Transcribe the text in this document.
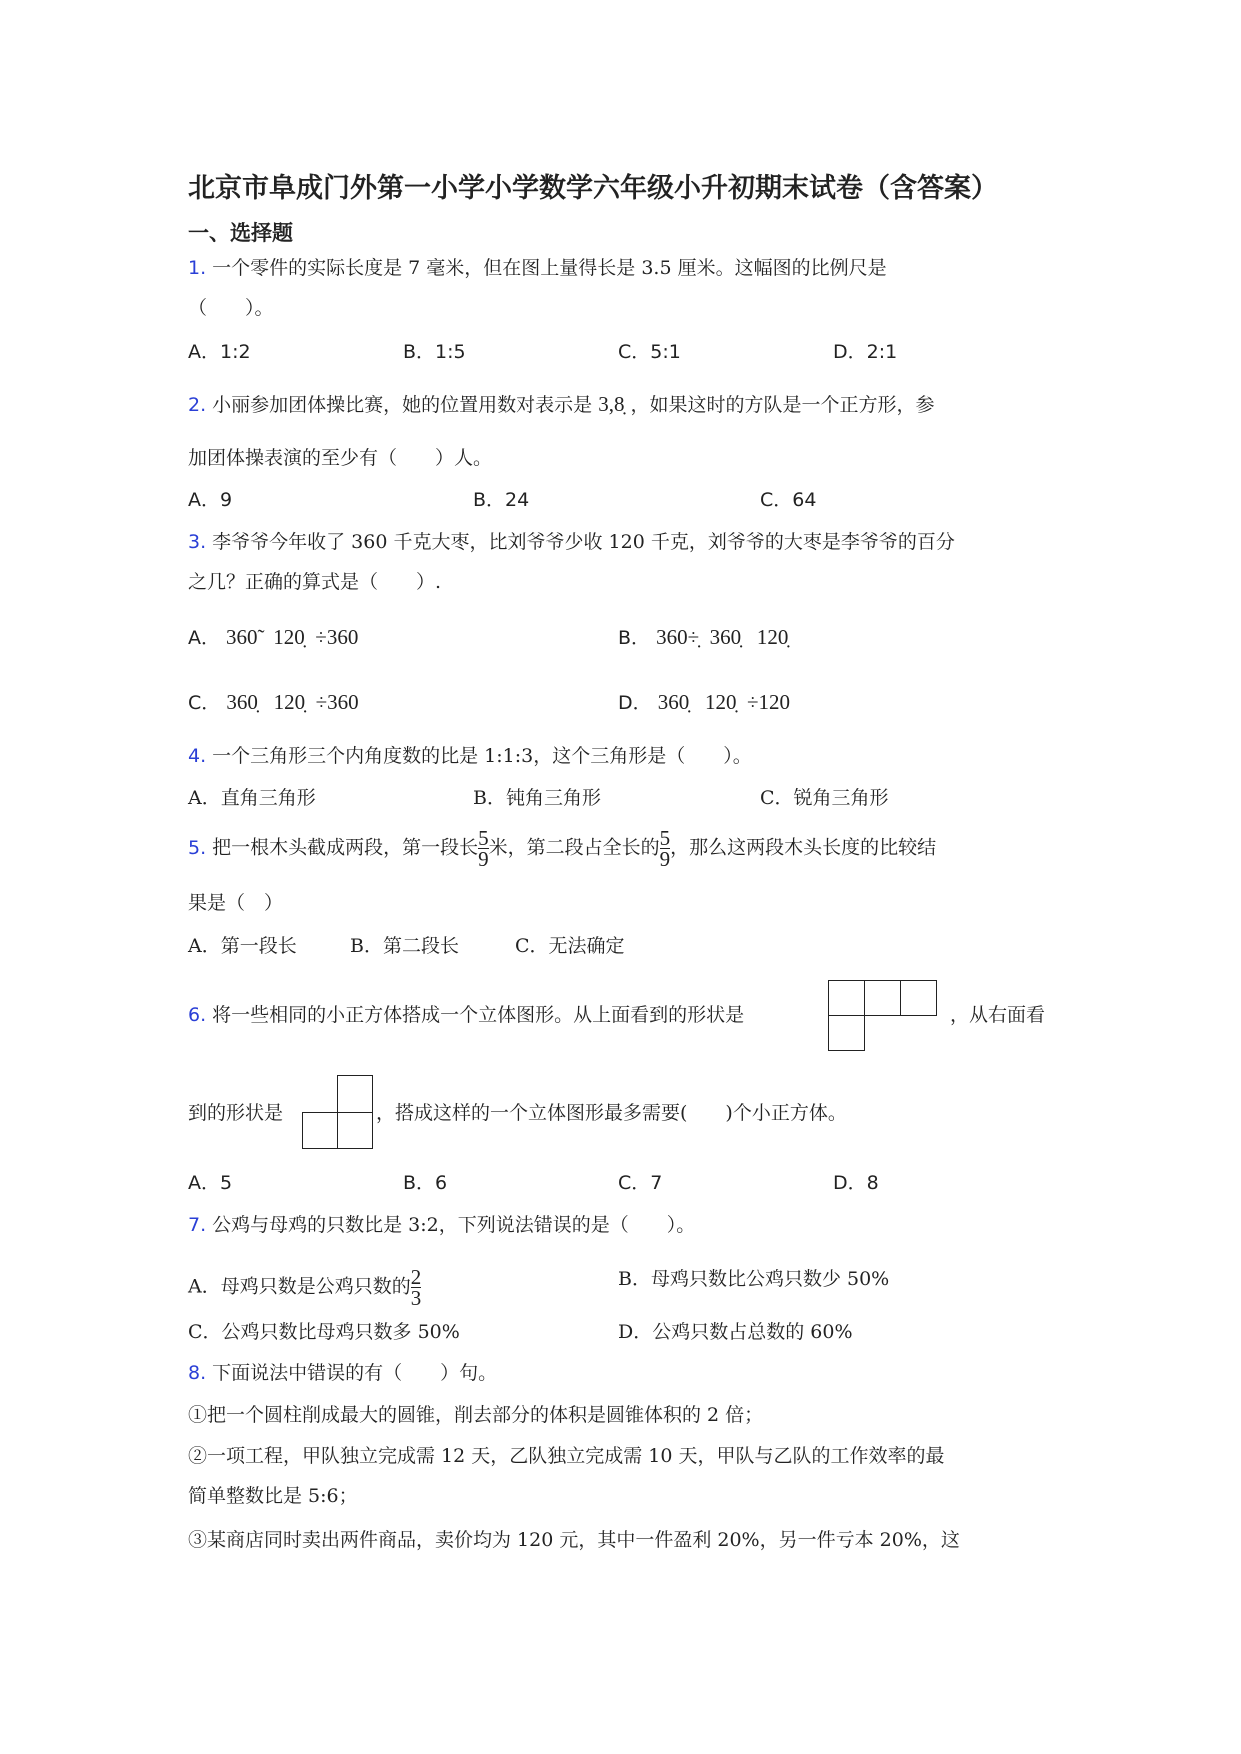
北京市阜成门外第一小学小学数学六年级小升初期末试卷（含答案）
一、选择题
1. 一个零件的实际长度是 7 毫米，但在图上量得长是 3.5 厘米。这幅图的比例尺是
（　　）。
A．1:2	B．1:5	C．5:1	D．2:1
2. 小丽参加团体操比赛，她的位置用数对表示是 3,8̣ ，如果这时的方队是一个正方形，参
加团体操表演的至少有（　　）人。
A．9	B．24	C．64
3. 李爷爷今年收了 360 千克大枣，比刘爷爷少收 120 千克，刘爷爷的大枣是李爷爷的百分
之几？正确的算式是（　　）.
A． 360̃   120̣  ÷360	B． 360÷̣  360̣   120̣
C． 360̣   120̣  ÷360	D． 360̣   120̣  ÷120
4. 一个三角形三个内角度数的比是 1:1:3，这个三角形是（　　）。
A．直角三角形	B．钝角三角形	C．锐角三角形
5. 把一根木头截成两段，第一段长 $\frac{5}{9}$ 米，第二段占全长的 $\frac{5}{9}$ ，那么这两段木头长度的比较结
果是（　）
A．第一段长	B．第二段长	C．无法确定
6. 将一些相同的小正方体搭成一个立体图形。从上面看到的形状是	，从右面看
到的形状是	，搭成这样的一个立体图形最多需要(　　)个小正方体。
A．5	B．6	C．7	D．8
7. 公鸡与母鸡的只数比是 3:2，下列说法错误的是（　　）。
A．母鸡只数是公鸡只数的 $\frac{2}{3}$	B．母鸡只数比公鸡只数少 50%
C．公鸡只数比母鸡只数多 50%	D．公鸡只数占总数的 60%
8. 下面说法中错误的有（　　）句。
①把一个圆柱削成最大的圆锥，削去部分的体积是圆锥体积的 2 倍；
②一项工程，甲队独立完成需 12 天，乙队独立完成需 10 天，甲队与乙队的工作效率的最
简单整数比是 5:6；
③某商店同时卖出两件商品，卖价均为 120 元，其中一件盈利 20%，另一件亏本 20%，这
